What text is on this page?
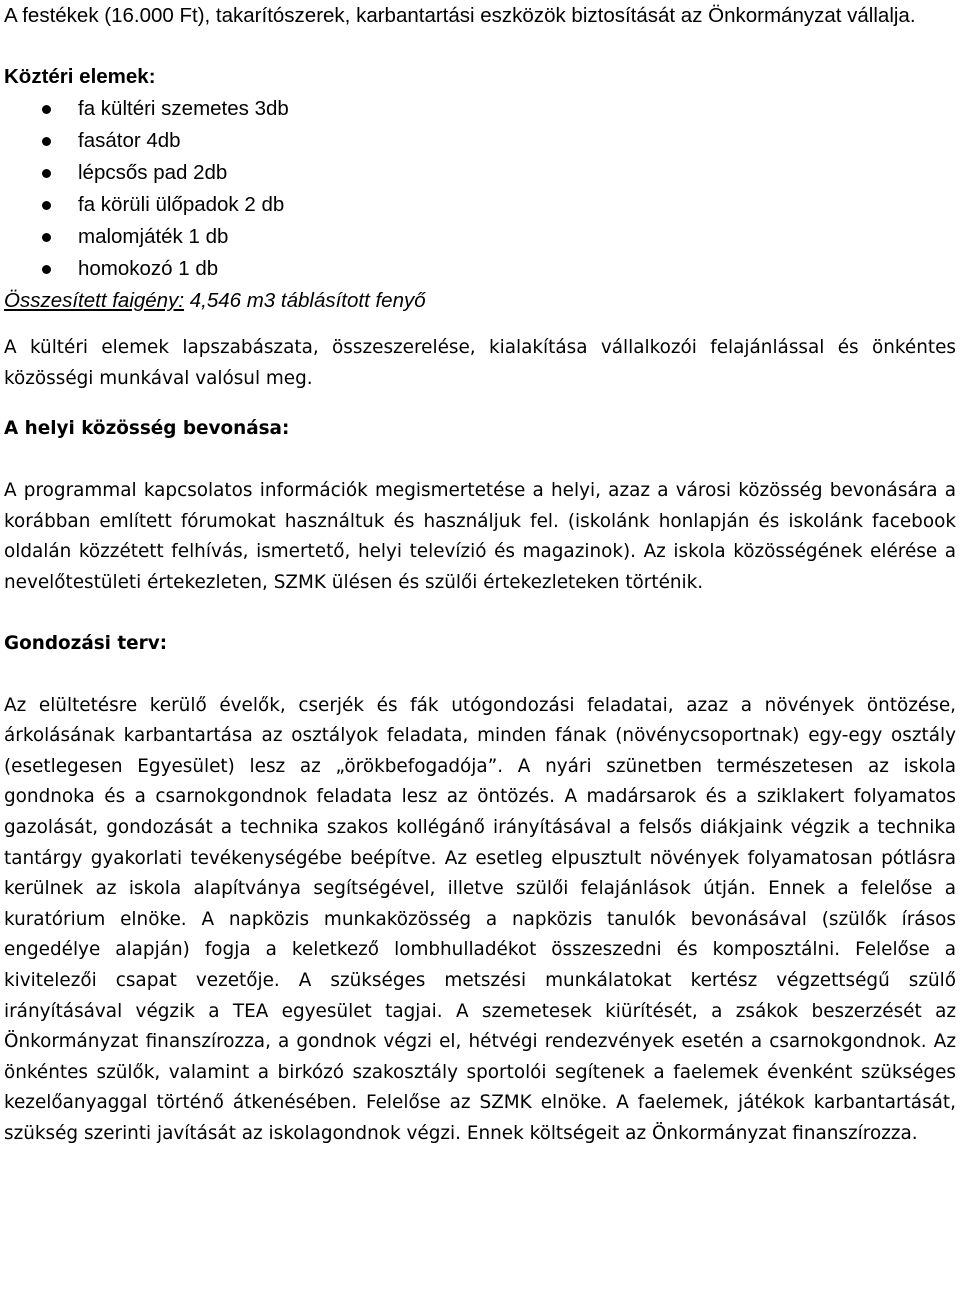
A festékek (16.000 Ft), takarítószerek, karbantartási eszközök biztosítását az Önkormányzat vállalja.

Köztéri elemek:

fa kültéri szemetes 3db
fasátor 4db
lépcsős pad 2db
fa körüli ülőpadok 2 db
malomjáték 1 db
homokozó 1 db

Összesített faigény: 4,546 m3 táblásított fenyő

A kültéri elemek lapszabászata, összeszerelése, kialakítása vállalkozói felajánlással és önkéntes közösségi munkával valósul meg.

A helyi közösség bevonása:

A programmal kapcsolatos információk megismertetése a helyi, azaz a városi közösség bevonására a korábban említett fórumokat használtuk és használjuk fel. (iskolánk honlapján és iskolánk facebook oldalán közzétett felhívás, ismertető, helyi televízió és magazinok). Az iskola közösségének elérése a nevelőtestületi értekezleten, SZMK ülésen és szülői értekezleteken történik.

Gondozási terv:

Az elültetésre kerülő évelők, cserjék és fák utógondozási feladatai, azaz a növények öntözése, árkolásának karbantartása az osztályok feladata, minden fának (növénycsoportnak) egy-egy osztály (esetlegesen Egyesület) lesz az „örökbefogadója”. A nyári szünetben természetesen az iskola gondnoka és a csarnokgondnok feladata lesz az öntözés. A madársarok és a sziklakert folyamatos gazolását, gondozását a technika szakos kollégánő irányításával a felsős diákjaink végzik a technika tantárgy gyakorlati tevékenységébe beépítve. Az esetleg elpusztult növények folyamatosan pótlásra kerülnek az iskola alapítványa segítségével, illetve szülői felajánlások útján. Ennek a felelőse a kuratórium elnöke. A napközis munkaközösség a napközis tanulók bevonásával (szülők írásos engedélye alapján) fogja a keletkező lombhulladékot összeszedni és komposztálni. Felelőse a kivitelezői csapat vezetője. A szükséges metszési munkálatokat kertész végzettségű szülő irányításával végzik a TEA egyesület tagjai. A szemetesek kiürítését, a zsákok beszerzését az Önkormányzat finanszírozza, a gondnok végzi el, hétvégi rendezvények esetén a csarnokgondnok. Az önkéntes szülők, valamint a birkózó szakosztály sportolói segítenek a faelemek évenként szükséges kezelőanyaggal történő átkenésében. Felelőse az SZMK elnöke. A faelemek, játékok karbantartását, szükség szerinti javítását az iskolagondnok végzi. Ennek költségeit az Önkormányzat finanszírozza.
